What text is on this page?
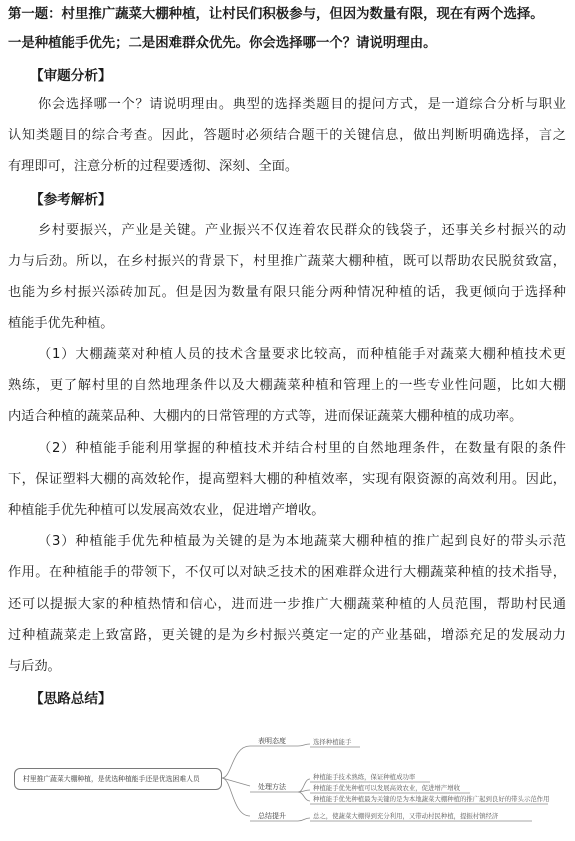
第一题：村里推广蔬菜大棚种植，让村民们积极参与，但因为数量有限，现在有两个选择。
一是种植能手优先；二是困难群众优先。你会选择哪一个？请说明理由。
【审题分析】
你会选择哪一个？请说明理由。典型的选择类题目的提问方式，是一道综合分析与职业
认知类题目的综合考查。因此，答题时必须结合题干的关键信息，做出判断明确选择，言之
有理即可，注意分析的过程要透彻、深刻、全面。
【参考解析】
乡村要振兴，产业是关键。产业振兴不仅连着农民群众的钱袋子，还事关乡村振兴的动
力与后劲。所以，在乡村振兴的背景下，村里推广蔬菜大棚种植，既可以帮助农民脱贫致富，
也能为乡村振兴添砖加瓦。但是因为数量有限只能分两种情况种植的话，我更倾向于选择种
植能手优先种植。
（1）大棚蔬菜对种植人员的技术含量要求比较高，而种植能手对蔬菜大棚种植技术更
熟练，更了解村里的自然地理条件以及大棚蔬菜种植和管理上的一些专业性问题，比如大棚
内适合种植的蔬菜品种、大棚内的日常管理的方式等，进而保证蔬菜大棚种植的成功率。
（2）种植能手能利用掌握的种植技术并结合村里的自然地理条件，在数量有限的条件
下，保证塑料大棚的高效轮作，提高塑料大棚的种植效率，实现有限资源的高效利用。因此，
种植能手优先种植可以发展高效农业，促进增产增收。
（3）种植能手优先种植最为关键的是为本地蔬菜大棚种植的推广起到良好的带头示范
作用。在种植能手的带领下，不仅可以对缺乏技术的困难群众进行大棚蔬菜种植的技术指导，
还可以提振大家的种植热情和信心，进而进一步推广大棚蔬菜种植的人员范围，帮助村民通
过种植蔬菜走上致富路，更关键的是为乡村振兴奠定一定的产业基础，增添充足的发展动力
与后劲。
【思路总结】
村里推广蔬菜大棚种植，是优选种植能手还是优选困难人员
表明态度
处理方法
总结提升
选择种植能手
种植能手技术熟练，保证种植成功率
种植能手优先种植可以发展高效农业，促进增产增收
种植能手优先种植最为关键的是为本地蔬菜大棚种植的推广起到良好的带头示范作用
总之，使蔬菜大棚得到充分利用，又带动村民种植，提振村镇经济
